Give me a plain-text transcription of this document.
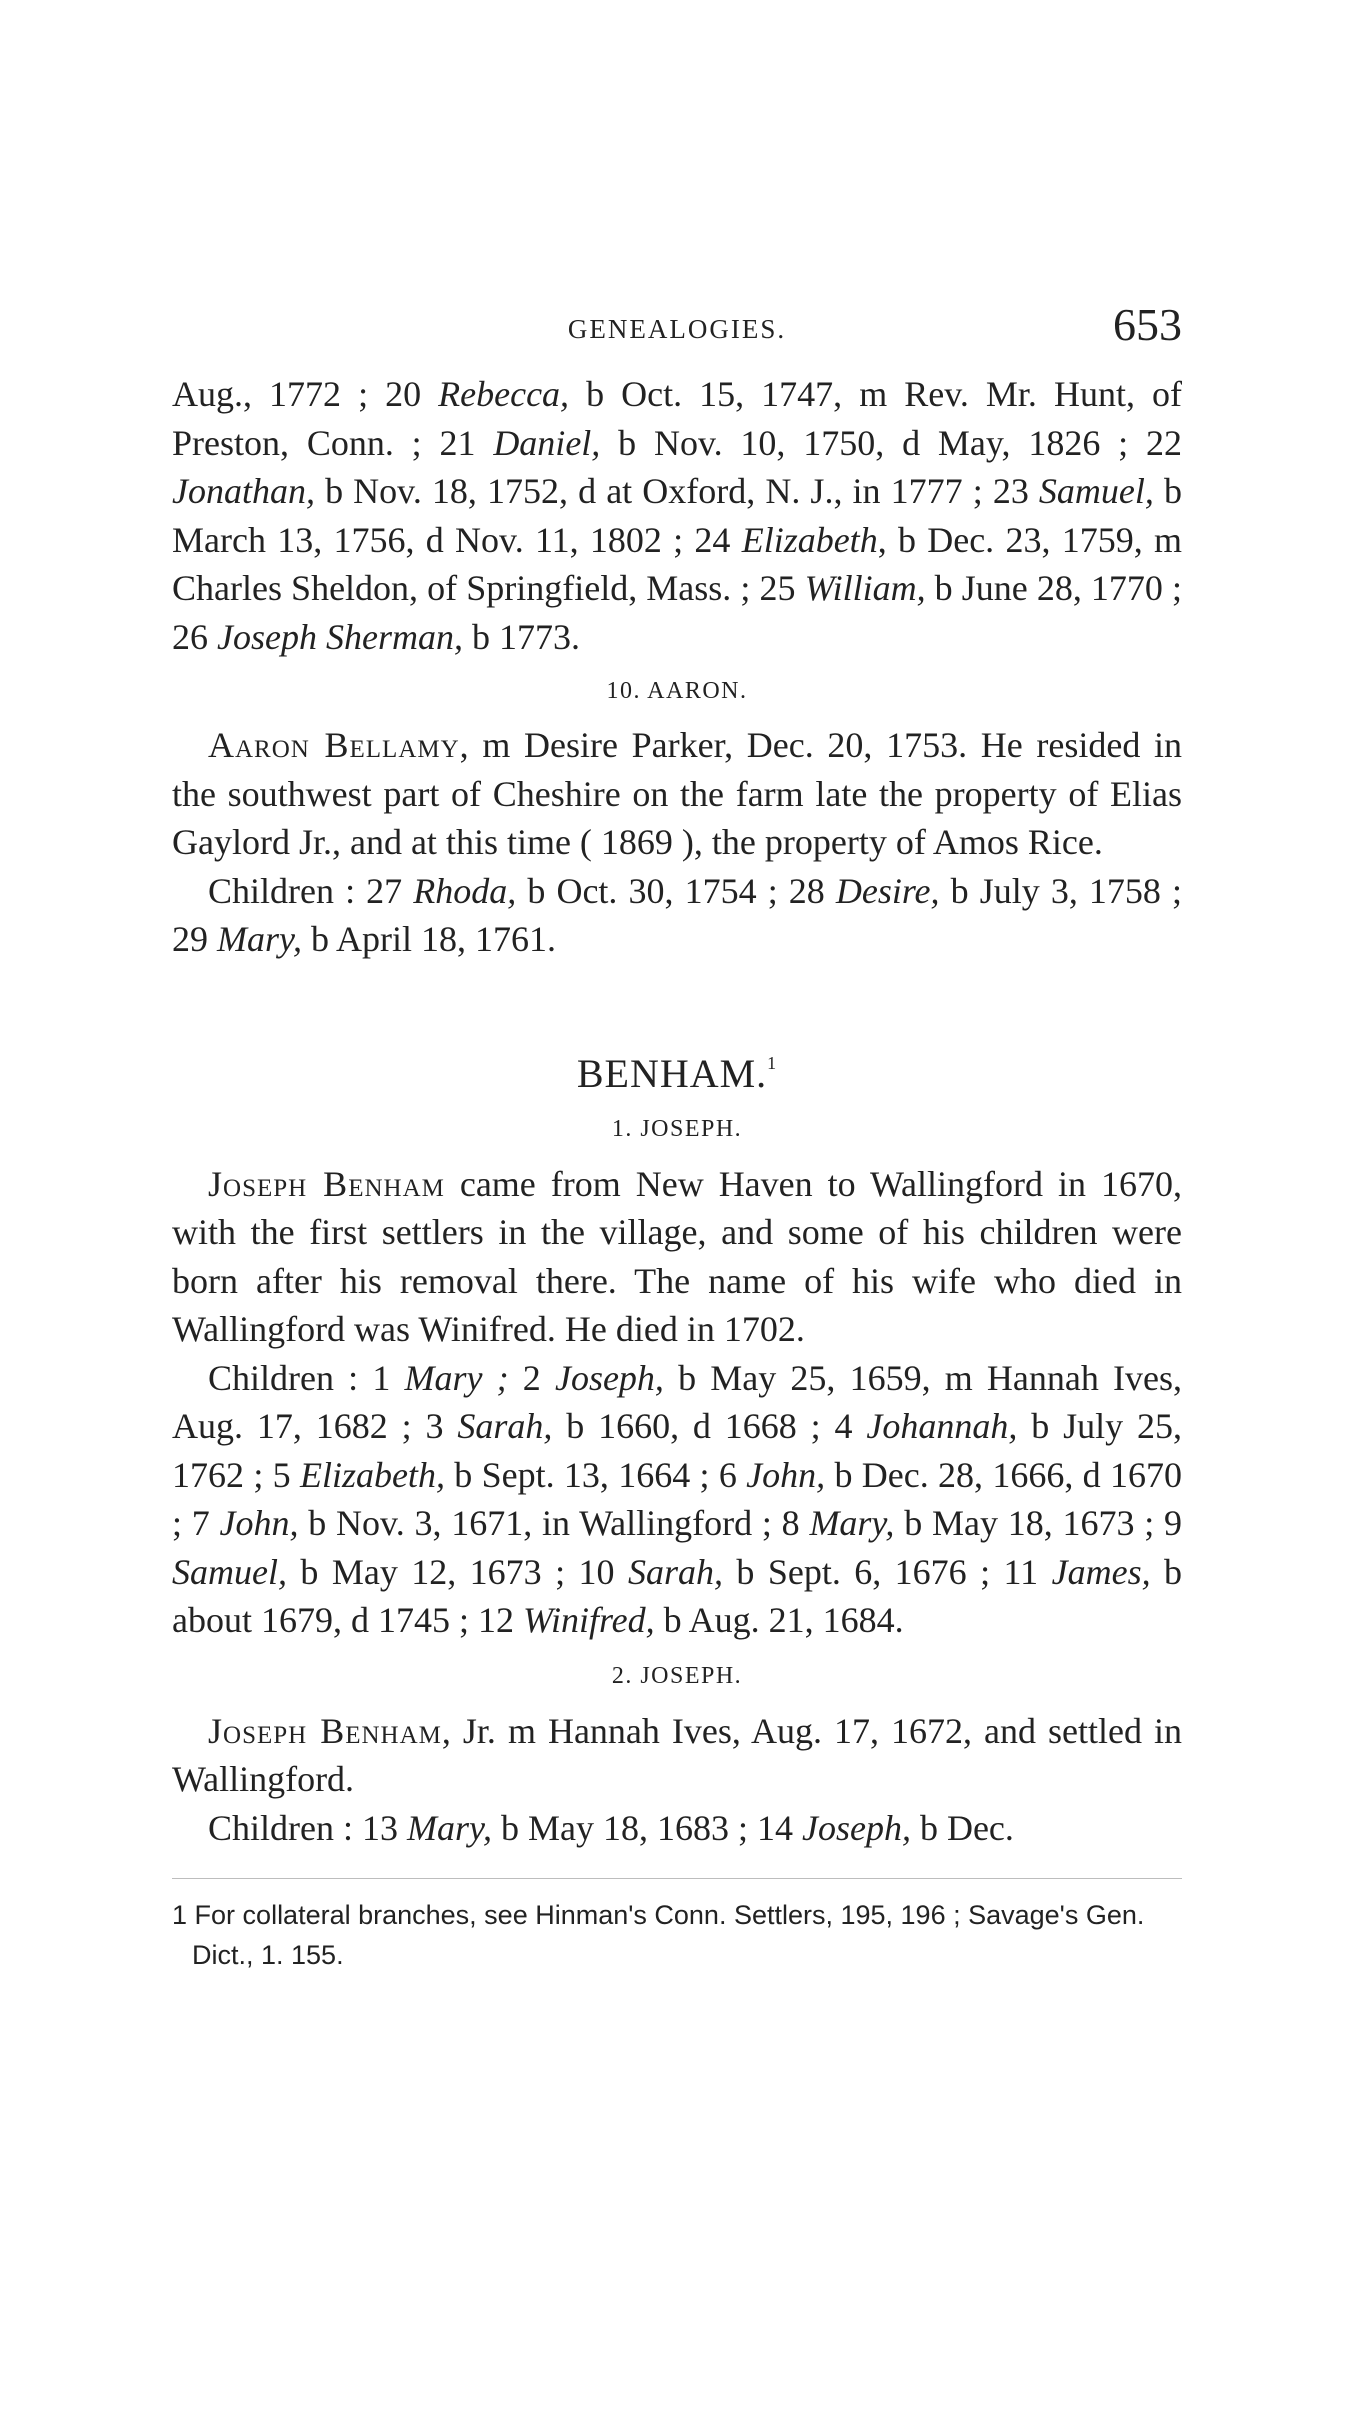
GENEALOGIES.	653

Aug., 1772 ; 20 Rebecca, b Oct. 15, 1747, m Rev. Mr. Hunt, of Preston, Conn. ; 21 Daniel, b Nov. 10, 1750, d May, 1826 ; 22 Jonathan, b Nov. 18, 1752, d at Oxford, N. J., in 1777 ; 23 Samuel, b March 13, 1756, d Nov. 11, 1802 ; 24 Elizabeth, b Dec. 23, 1759, m Charles Sheldon, of Springfield, Mass. ; 25 William, b June 28, 1770 ; 26 Joseph Sherman, b 1773.

10. AARON.

Aaron Bellamy, m Desire Parker, Dec. 20, 1753. He resided in the southwest part of Cheshire on the farm late the property of Elias Gaylord Jr., and at this time ( 1869 ), the property of Amos Rice.

Children : 27 Rhoda, b Oct. 30, 1754 ; 28 Desire, b July 3, 1758 ; 29 Mary, b April 18, 1761.

BENHAM.$^1$
1. JOSEPH.

Joseph Benham came from New Haven to Wallingford in 1670, with the first settlers in the village, and some of his children were born after his removal there. The name of his wife who died in Wallingford was Winifred. He died in 1702.

Children : 1 Mary ; 2 Joseph, b May 25, 1659, m Hannah Ives, Aug. 17, 1682 ; 3 Sarah, b 1660, d 1668 ; 4 Johannah, b July 25, 1762 ; 5 Elizabeth, b Sept. 13, 1664 ; 6 John, b Dec. 28, 1666, d 1670 ; 7 John, b Nov. 3, 1671, in Wallingford ; 8 Mary, b May 18, 1673 ; 9 Samuel, b May 12, 1673 ; 10 Sarah, b Sept. 6, 1676 ; 11 James, b about 1679, d 1745 ; 12 Winifred, b Aug. 21, 1684.

2. JOSEPH.

Joseph Benham, Jr. m Hannah Ives, Aug. 17, 1672, and settled in Wallingford.

Children : 13 Mary, b May 18, 1683 ; 14 Joseph, b Dec.

1 For collateral branches, see Hinman's Conn. Settlers, 195, 196 ; Savage's Gen. Dict., 1. 155.
